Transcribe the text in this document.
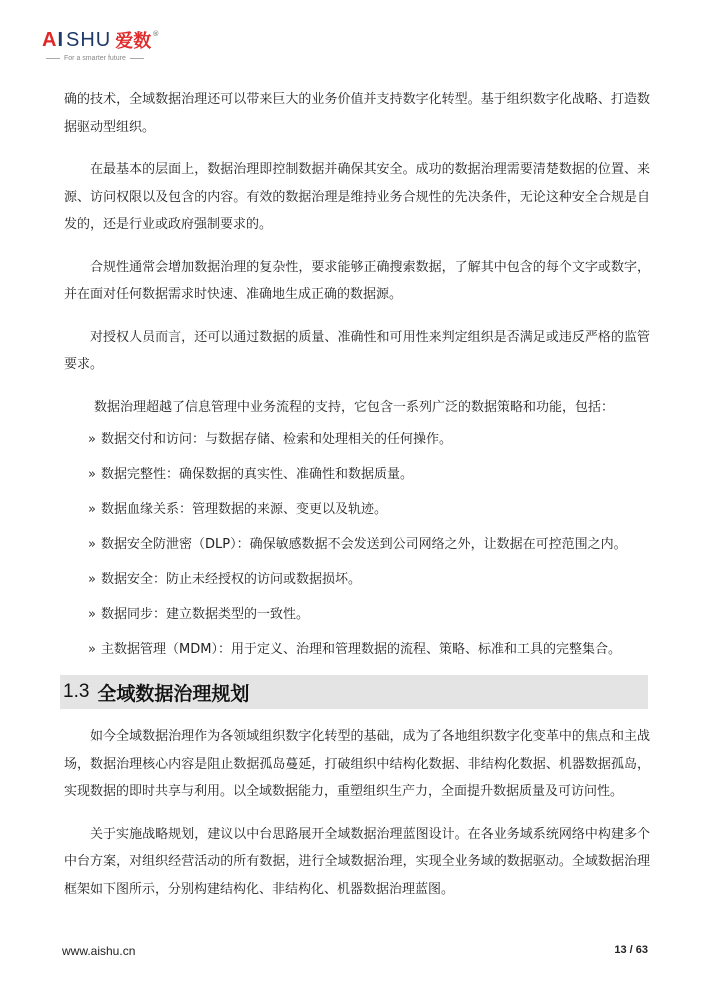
AI SHU 爱数 ®
For a smarter future

确的技术，全域数据治理还可以带来巨大的业务价值并支持数字化转型。基于组织数字化战略、打造数据驱动型组织。

在最基本的层面上，数据治理即控制数据并确保其安全。成功的数据治理需要清楚数据的位置、来源、访问权限以及包含的内容。有效的数据治理是维持业务合规性的先决条件，无论这种安全合规是自发的，还是行业或政府强制要求的。

合规性通常会增加数据治理的复杂性，要求能够正确搜索数据，了解其中包含的每个文字或数字，并在面对任何数据需求时快速、准确地生成正确的数据源。

对授权人员而言，还可以通过数据的质量、准确性和可用性来判定组织是否满足或违反严格的监管要求。

数据治理超越了信息管理中业务流程的支持，它包含一系列广泛的数据策略和功能，包括：

» 数据交付和访问：与数据存储、检索和处理相关的任何操作。
» 数据完整性：确保数据的真实性、准确性和数据质量。
» 数据血缘关系：管理数据的来源、变更以及轨迹。
» 数据安全防泄密（DLP）：确保敏感数据不会发送到公司网络之外，让数据在可控范围之内。
» 数据安全：防止未经授权的访问或数据损坏。
» 数据同步：建立数据类型的一致性。
» 主数据管理（MDM）：用于定义、治理和管理数据的流程、策略、标准和工具的完整集合。
1.3 全域数据治理规划

如今全域数据治理作为各领域组织数字化转型的基础，成为了各地组织数字化变革中的焦点和主战场，数据治理核心内容是阻止数据孤岛蔓延，打破组织中结构化数据、非结构化数据、机器数据孤岛，实现数据的即时共享与利用。以全域数据能力，重塑组织生产力，全面提升数据质量及可访问性。

关于实施战略规划，建议以中台思路展开全域数据治理蓝图设计。在各业务域系统网络中构建多个中台方案，对组织经营活动的所有数据，进行全域数据治理，实现全业务域的数据驱动。全域数据治理框架如下图所示，分别构建结构化、非结构化、机器数据治理蓝图。

www.aishu.cn	13 / 63
